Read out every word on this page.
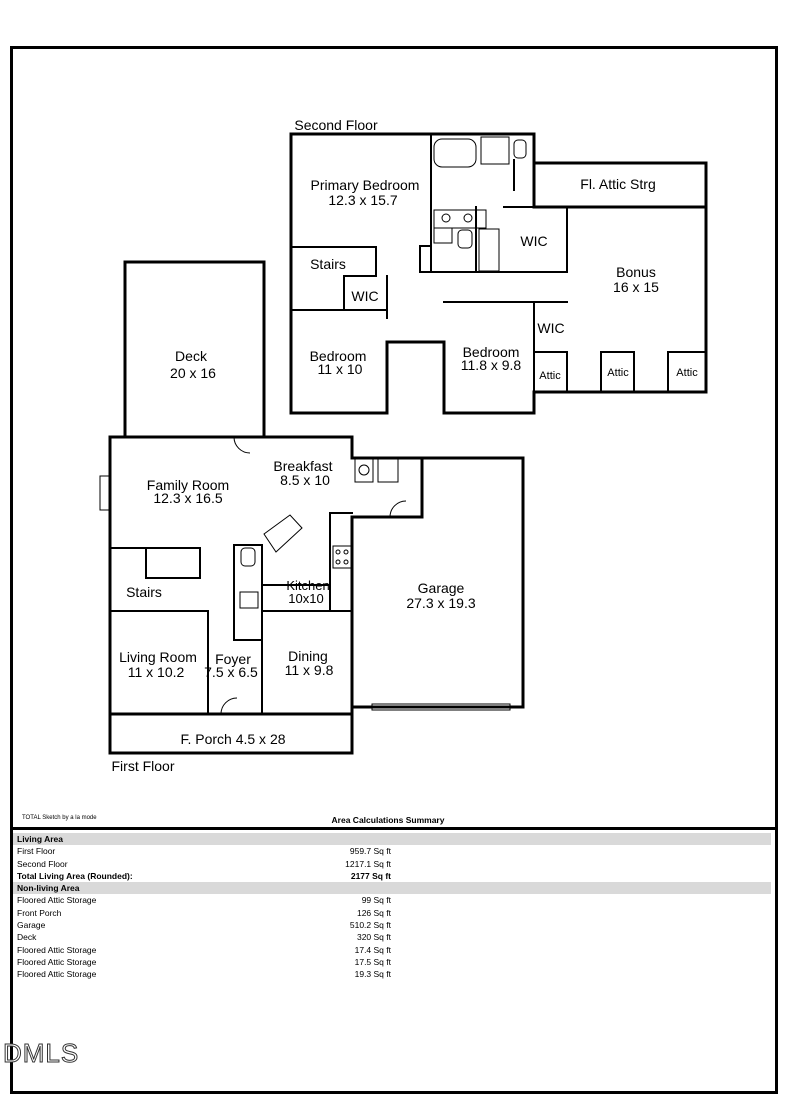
Second Floor
Primary Bedroom
12.3 x 15.7
Fl. Attic Strg
WIC
Bonus
16 x 15
Stairs
WIC
WIC
Bedroom
11 x 10
Bedroom
11.8 x 9.8
Attic	Attic	Attic
Deck
20 x 16
Family Room
12.3 x 16.5
Breakfast
8.5 x 10
Kitchen
10x10
Stairs	Garage
27.3 x 19.3
Living Room
11 x 10.2
Foyer
7.5 x 6.5
Dining
11 x 9.8
F. Porch 4.5 x 28
First Floor
TOTAL Sketch by a la mode	Area Calculations Summary
Living Area
First Floor	959.7 Sq ft
Second Floor	1217.1 Sq ft
Total Living Area (Rounded):	2177 Sq ft
Non-living Area
Floored Attic Storage	99 Sq ft
Front Porch	126 Sq ft
Garage	510.2 Sq ft
Deck	320 Sq ft
Floored Attic Storage	17.4 Sq ft
Floored Attic Storage	17.5 Sq ft
Floored Attic Storage	19.3 Sq ft
DMLS
